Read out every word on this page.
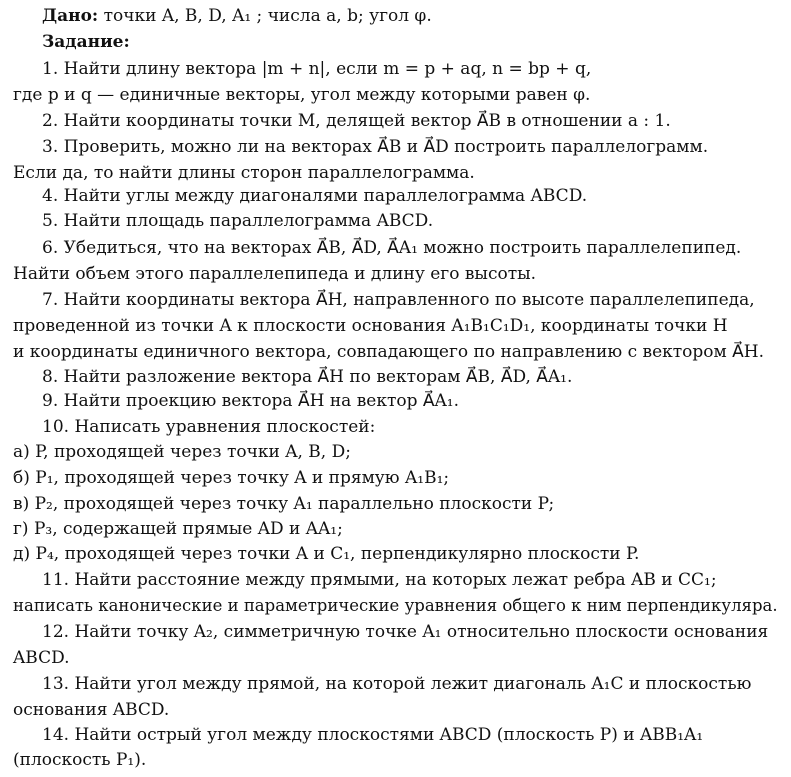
Дано: точки A, B, D, A₁ ; числа a, b; угол φ.
Задание:
1. Найти длину вектора |m + n|, если m = p + aq, n = bp + q,
где p и q — единичные векторы, угол между которыми равен φ.
2. Найти координаты точки M, делящей вектор A⃗B в отношении a : 1.
3. Проверить, можно ли на векторах A⃗B и A⃗D построить параллелограмм.
Если да, то найти длины сторон параллелограмма.
4. Найти углы между диагоналями параллелограмма ABCD.
5. Найти площадь параллелограмма ABCD.
6. Убедиться, что на векторах A⃗B, A⃗D, A⃗A₁ можно построить параллелепипед.
Найти объем этого параллелепипеда и длину его высоты.
7. Найти координаты вектора A⃗H, направленного по высоте параллелепипеда,
проведенной из точки A к плоскости основания A₁B₁C₁D₁, координаты точки H
и координаты единичного вектора, совпадающего по направлению с вектором A⃗H.
8. Найти разложение вектора A⃗H по векторам A⃗B, A⃗D, A⃗A₁.
9. Найти проекцию вектора A⃗H на вектор A⃗A₁.
10. Написать уравнения плоскостей:
а) P, проходящей через точки A, B, D;
б) P₁, проходящей через точку A и прямую A₁B₁;
в) P₂, проходящей через точку A₁ параллельно плоскости P;
г) P₃, содержащей прямые AD и AA₁;
д) P₄, проходящей через точки A и C₁, перпендикулярно плоскости P.
11. Найти расстояние между прямыми, на которых лежат ребра AB и CC₁;
написать канонические и параметрические уравнения общего к ним перпендикуляра.
12. Найти точку A₂, симметричную точке A₁ относительно плоскости основания
ABCD.
13. Найти угол между прямой, на которой лежит диагональ A₁C и плоскостью
основания ABCD.
14. Найти острый угол между плоскостями ABCD (плоскость P) и ABB₁A₁
(плоскость P₁).
